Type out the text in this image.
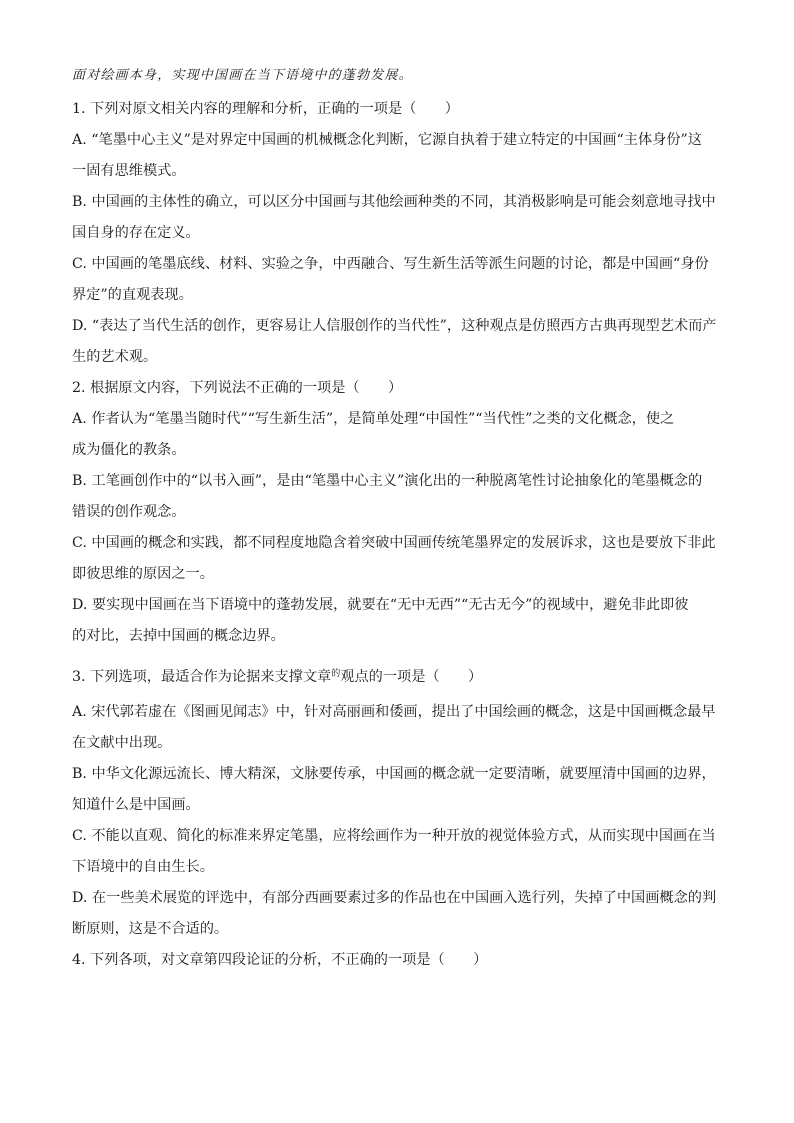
面对绘画本身，实现中国画在当下语境中的蓬勃发展。
1. 下列对原文相关内容的理解和分析，正确的一项是（　　）
A. “笔墨中心主义”是对界定中国画的机械概念化判断，它源自执着于建立特定的中国画“主体身份”这
一固有思维模式。
B. 中国画的主体性的确立，可以区分中国画与其他绘画种类的不同，其消极影响是可能会刻意地寻找中
国自身的存在定义。
C. 中国画的笔墨底线、材料、实验之争，中西融合、写生新生活等派生问题的讨论，都是中国画“身份
界定”的直观表现。
D. “表达了当代生活的创作，更容易让人信服创作的当代性”，这种观点是仿照西方古典再现型艺术而产
生的艺术观。
2. 根据原文内容，下列说法不正确的一项是（　　）
A. 作者认为“笔墨当随时代”“写生新生活”，是简单处理“中国性”“当代性”之类的文化概念，使之
成为僵化的教条。
B. 工笔画创作中的“以书入画”，是由“笔墨中心主义”演化出的一种脱离笔性讨论抽象化的笔墨概念的
错误的创作观念。
C. 中国画的概念和实践，都不同程度地隐含着突破中国画传统笔墨界定的发展诉求，这也是要放下非此
即彼思维的原因之一。
D. 要实现中国画在当下语境中的蓬勃发展，就要在“无中无西”“无古无今”的视域中，避免非此即彼
的对比，去掉中国画的概念边界。
3. 下列选项，最适合作为论据来支撑文章$^的$观点的一项是（　　）
A. 宋代郭若虚在《图画见闻志》中，针对高丽画和倭画，提出了中国绘画的概念，这是中国画概念最早
在文献中出现。
B. 中华文化源远流长、博大精深，文脉要传承，中国画的概念就一定要清晰，就要厘清中国画的边界，
知道什么是中国画。
C. 不能以直观、简化的标准来界定笔墨，应将绘画作为一种开放的视觉体验方式，从而实现中国画在当
下语境中的自由生长。
D. 在一些美术展览的评选中，有部分西画要素过多的作品也在中国画入选行列，失掉了中国画概念的判
断原则，这是不合适的。
4. 下列各项，对文章第四段论证的分析，不正确的一项是（　　）
